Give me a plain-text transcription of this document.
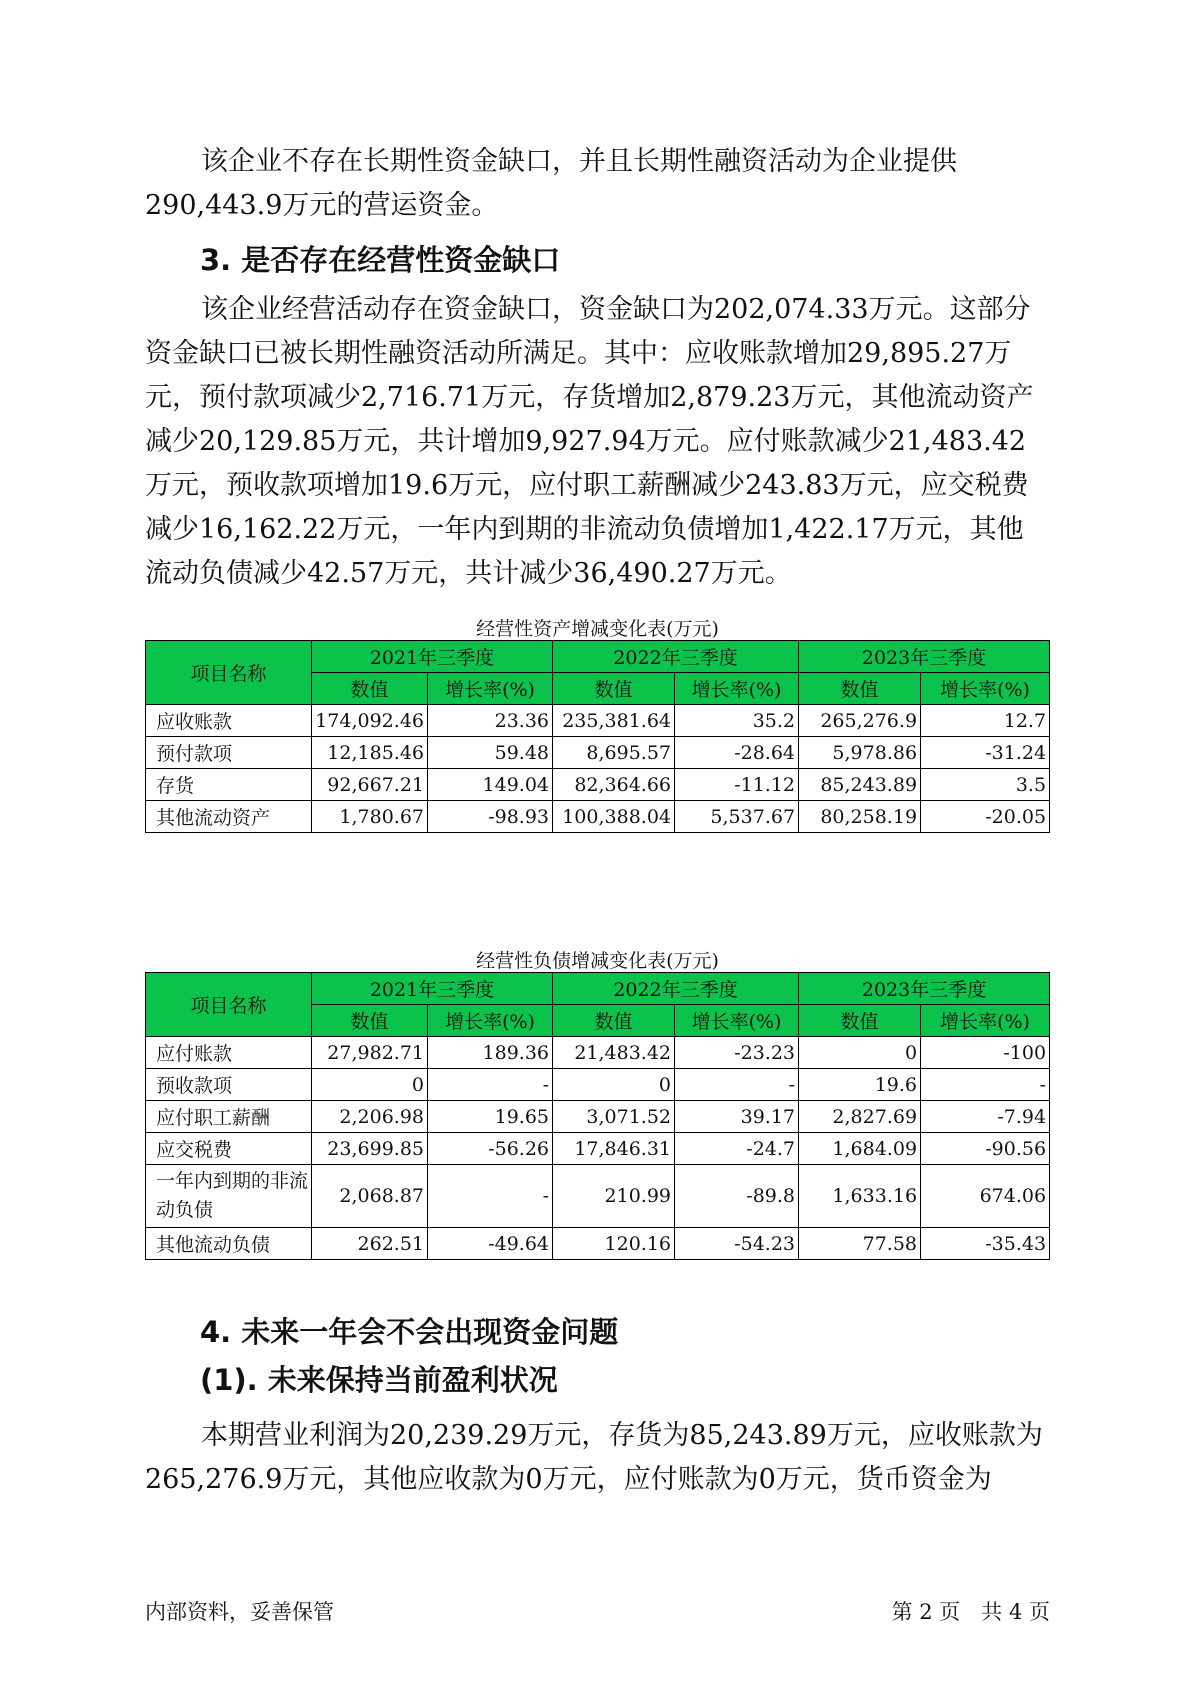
该企业不存在长期性资金缺口，并且长期性融资活动为企业提供290,443.9万元的营运资金。

3. 是否存在经营性资金缺口

该企业经营活动存在资金缺口，资金缺口为202,074.33万元。这部分资金缺口已被长期性融资活动所满足。其中：应收账款增加29,895.27万元，预付款项减少2,716.71万元，存货增加2,879.23万元，其他流动资产减少20,129.85万元，共计增加9,927.94万元。应付账款减少21,483.42万元，预收款项增加19.6万元，应付职工薪酬减少243.83万元，应交税费减少16,162.22万元，一年内到期的非流动负债增加1,422.17万元，其他流动负债减少42.57万元，共计减少36,490.27万元。

经营性资产增减变化表(万元)

项目名称	2021年三季度		2022年三季度		2023年三季度	
	数值	增长率(%)	数值	增长率(%)	数值	增长率(%)
应收账款	174,092.46	23.36	235,381.64	35.2	265,276.9	12.7
预付款项	12,185.46	59.48	8,695.57	-28.64	5,978.86	-31.24
存货	92,667.21	149.04	82,364.66	-11.12	85,243.89	3.5
其他流动资产	1,780.67	-98.93	100,388.04	5,537.67	80,258.19	-20.05

经营性负债增减变化表(万元)

项目名称	2021年三季度		2022年三季度		2023年三季度	
	数值	增长率(%)	数值	增长率(%)	数值	增长率(%)
应付账款	27,982.71	189.36	21,483.42	-23.23	0	-100
预收款项	0	-	0	-	19.6	-
应付职工薪酬	2,206.98	19.65	3,071.52	39.17	2,827.69	-7.94
应交税费	23,699.85	-56.26	17,846.31	-24.7	1,684.09	-90.56
一年内到期的非流动负债	2,068.87	-	210.99	-89.8	1,633.16	674.06
其他流动负债	262.51	-49.64	120.16	-54.23	77.58	-35.43
4. 未来一年会不会出现资金问题
(1). 未来保持当前盈利状况

本期营业利润为20,239.29万元，存货为85,243.89万元，应收账款为265,276.9万元，其他应收款为0万元，应付账款为0万元，货币资金为

内部资料，妥善保管	第 2 页　共 4 页
